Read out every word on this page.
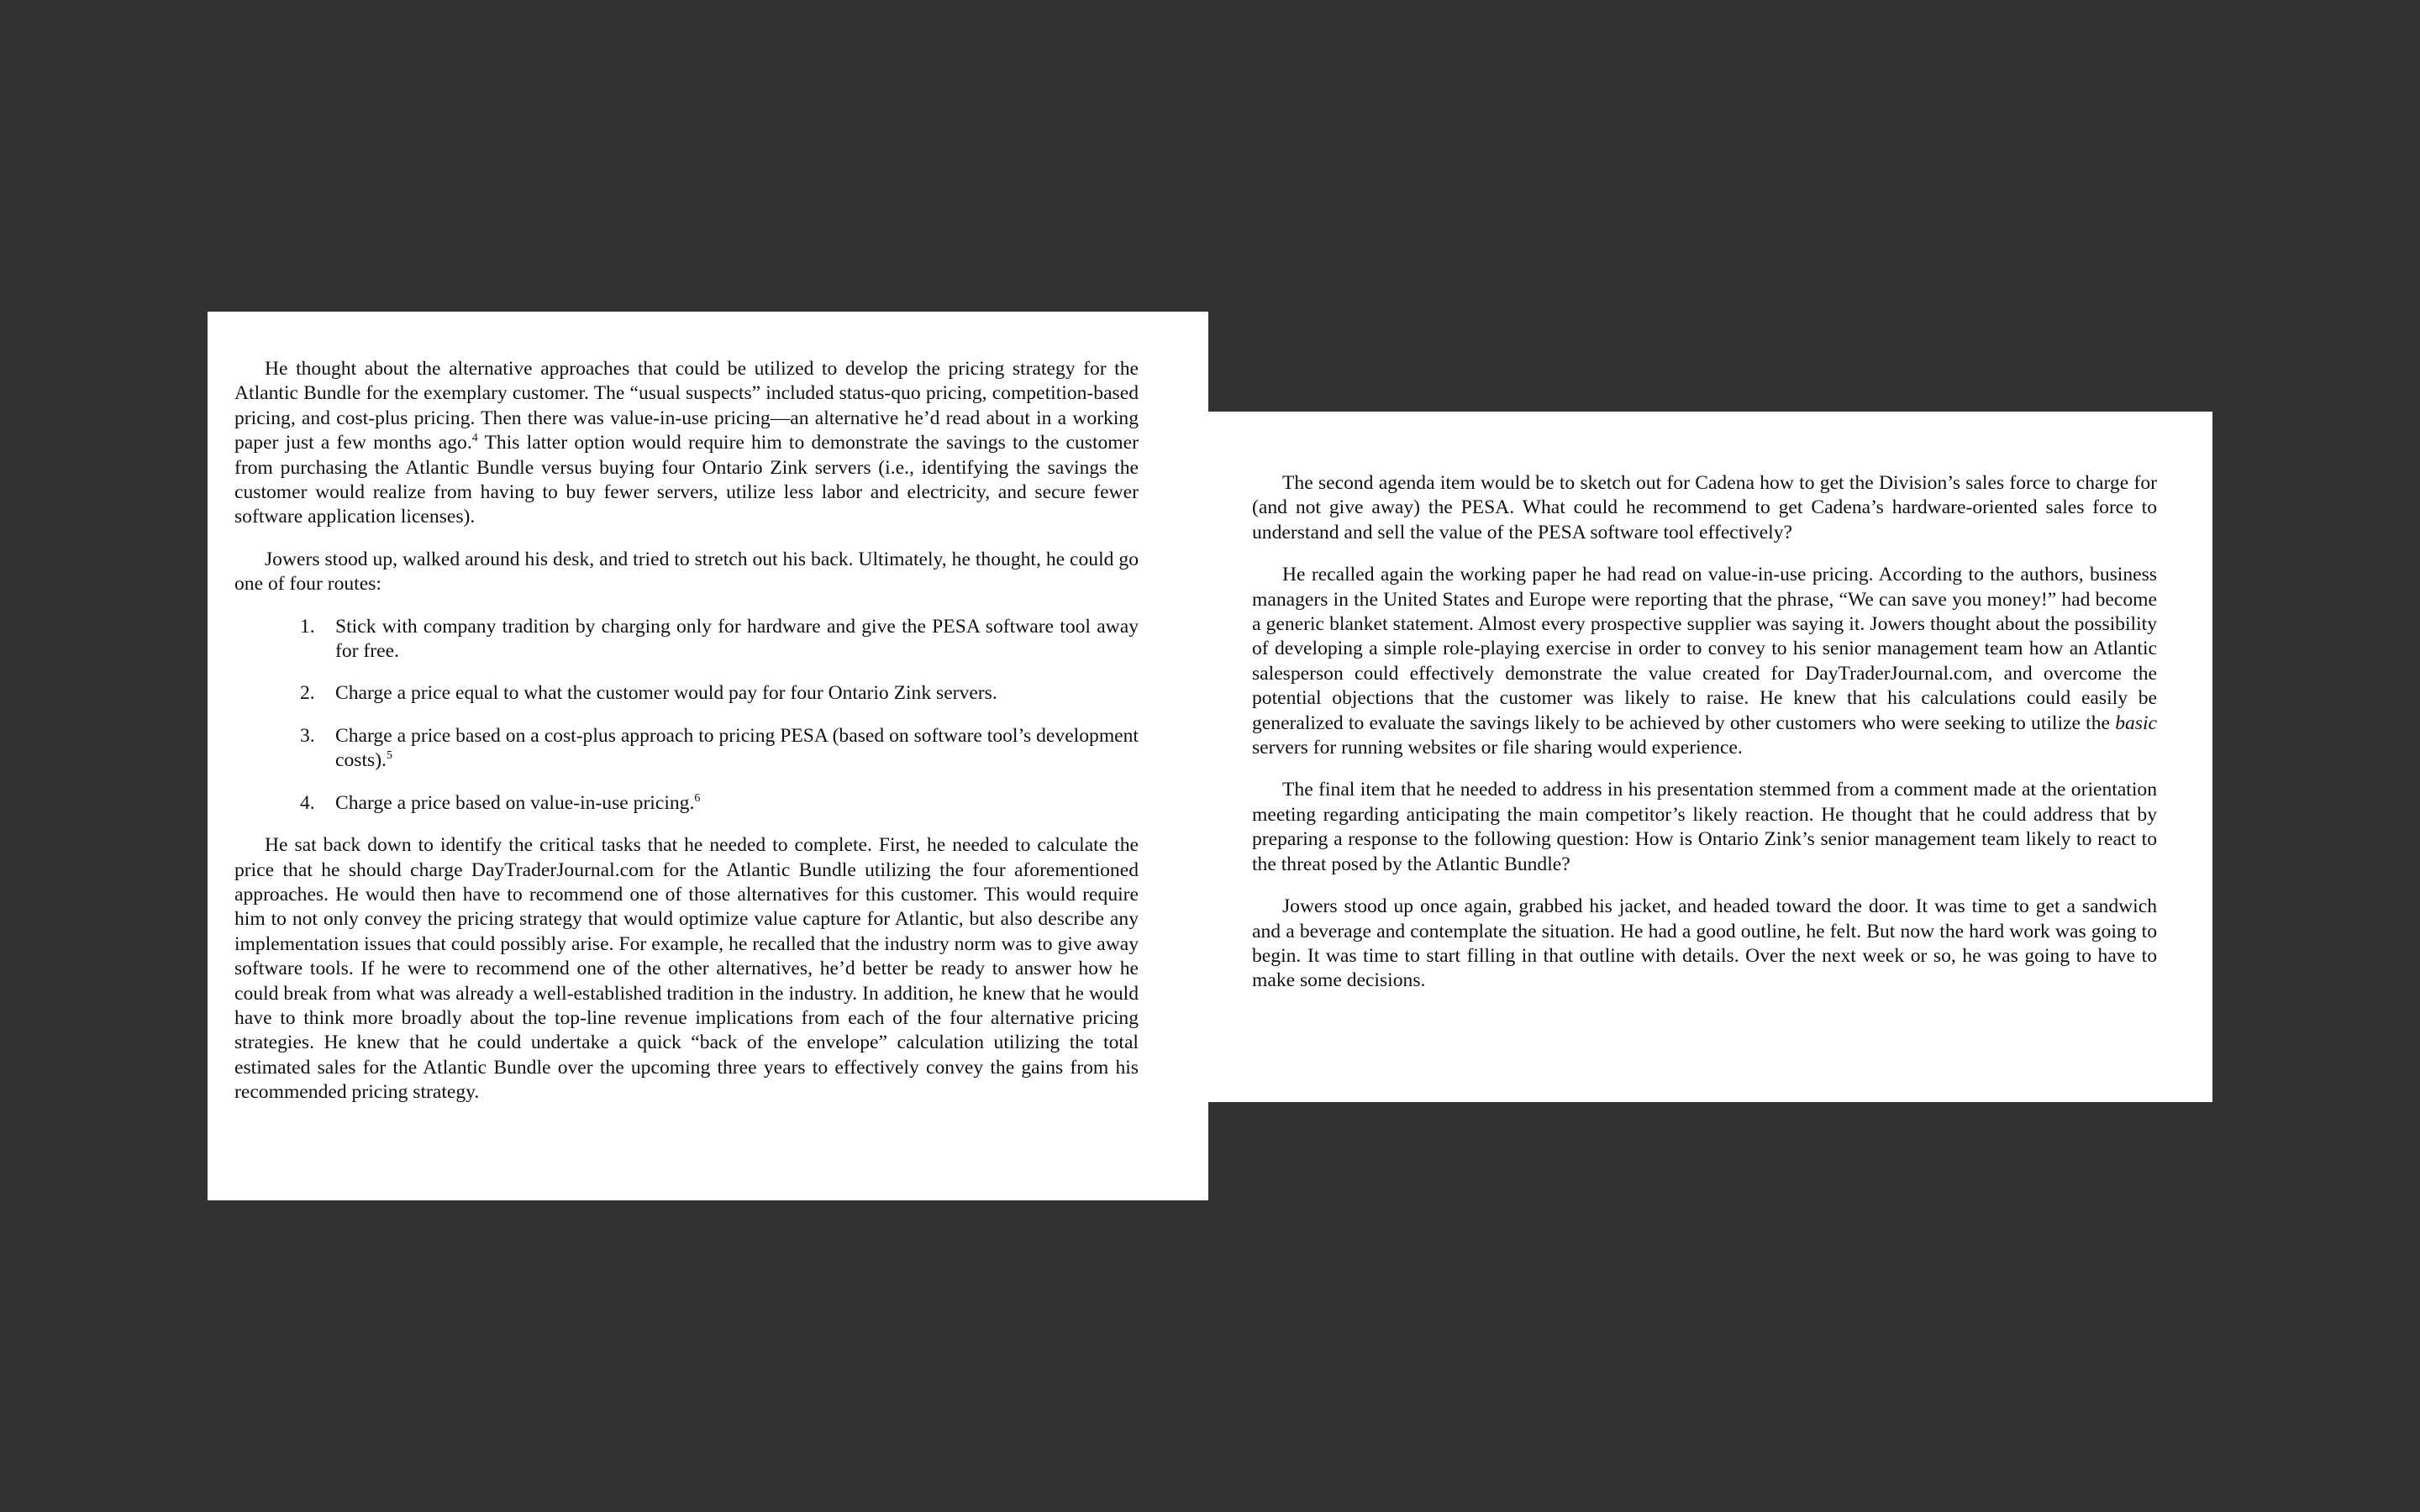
He thought about the alternative approaches that could be utilized to develop the pricing strategy for the Atlantic Bundle for the exemplary customer. The “usual suspects” included status-quo pricing, competition-based pricing, and cost-plus pricing. Then there was value-in-use pricing—an alternative he’d read about in a working paper just a few months ago.$^4$ This latter option would require him to demonstrate the savings to the customer from purchasing the Atlantic Bundle versus buying four Ontario Zink servers (i.e., identifying the savings the customer would realize from having to buy fewer servers, utilize less labor and electricity, and secure fewer software application licenses).

Jowers stood up, walked around his desk, and tried to stretch out his back. Ultimately, he thought, he could go one of four routes:

1.	Stick with company tradition by charging only for hardware and give the PESA software tool away for free.
2.	Charge a price equal to what the customer would pay for four Ontario Zink servers.
3.	Charge a price based on a cost-plus approach to pricing PESA (based on software tool’s development costs).$^5$
4.	Charge a price based on value-in-use pricing.$^6$

He sat back down to identify the critical tasks that he needed to complete. First, he needed to calculate the price that he should charge DayTraderJournal.com for the Atlantic Bundle utilizing the four aforementioned approaches. He would then have to recommend one of those alternatives for this customer. This would require him to not only convey the pricing strategy that would optimize value capture for Atlantic, but also describe any implementation issues that could possibly arise. For example, he recalled that the industry norm was to give away software tools. If he were to recommend one of the other alternatives, he’d better be ready to answer how he could break from what was already a well-established tradition in the industry. In addition, he knew that he would have to think more broadly about the top-line revenue implications from each of the four alternative pricing strategies. He knew that he could undertake a quick “back of the envelope” calculation utilizing the total estimated sales for the Atlantic Bundle over the upcoming three years to effectively convey the gains from his recommended pricing strategy.

The second agenda item would be to sketch out for Cadena how to get the Division’s sales force to charge for (and not give away) the PESA. What could he recommend to get Cadena’s hardware-oriented sales force to understand and sell the value of the PESA software tool effectively?

He recalled again the working paper he had read on value-in-use pricing. According to the authors, business managers in the United States and Europe were reporting that the phrase, “We can save you money!” had become a generic blanket statement. Almost every prospective supplier was saying it. Jowers thought about the possibility of developing a simple role-playing exercise in order to convey to his senior management team how an Atlantic salesperson could effectively demonstrate the value created for DayTraderJournal.com, and overcome the potential objections that the customer was likely to raise. He knew that his calculations could easily be generalized to evaluate the savings likely to be achieved by other customers who were seeking to utilize the basic servers for running websites or file sharing would experience.

The final item that he needed to address in his presentation stemmed from a comment made at the orientation meeting regarding anticipating the main competitor’s likely reaction. He thought that he could address that by preparing a response to the following question: How is Ontario Zink’s senior management team likely to react to the threat posed by the Atlantic Bundle?

Jowers stood up once again, grabbed his jacket, and headed toward the door. It was time to get a sandwich and a beverage and contemplate the situation. He had a good outline, he felt. But now the hard work was going to begin. It was time to start filling in that outline with details. Over the next week or so, he was going to have to make some decisions.
